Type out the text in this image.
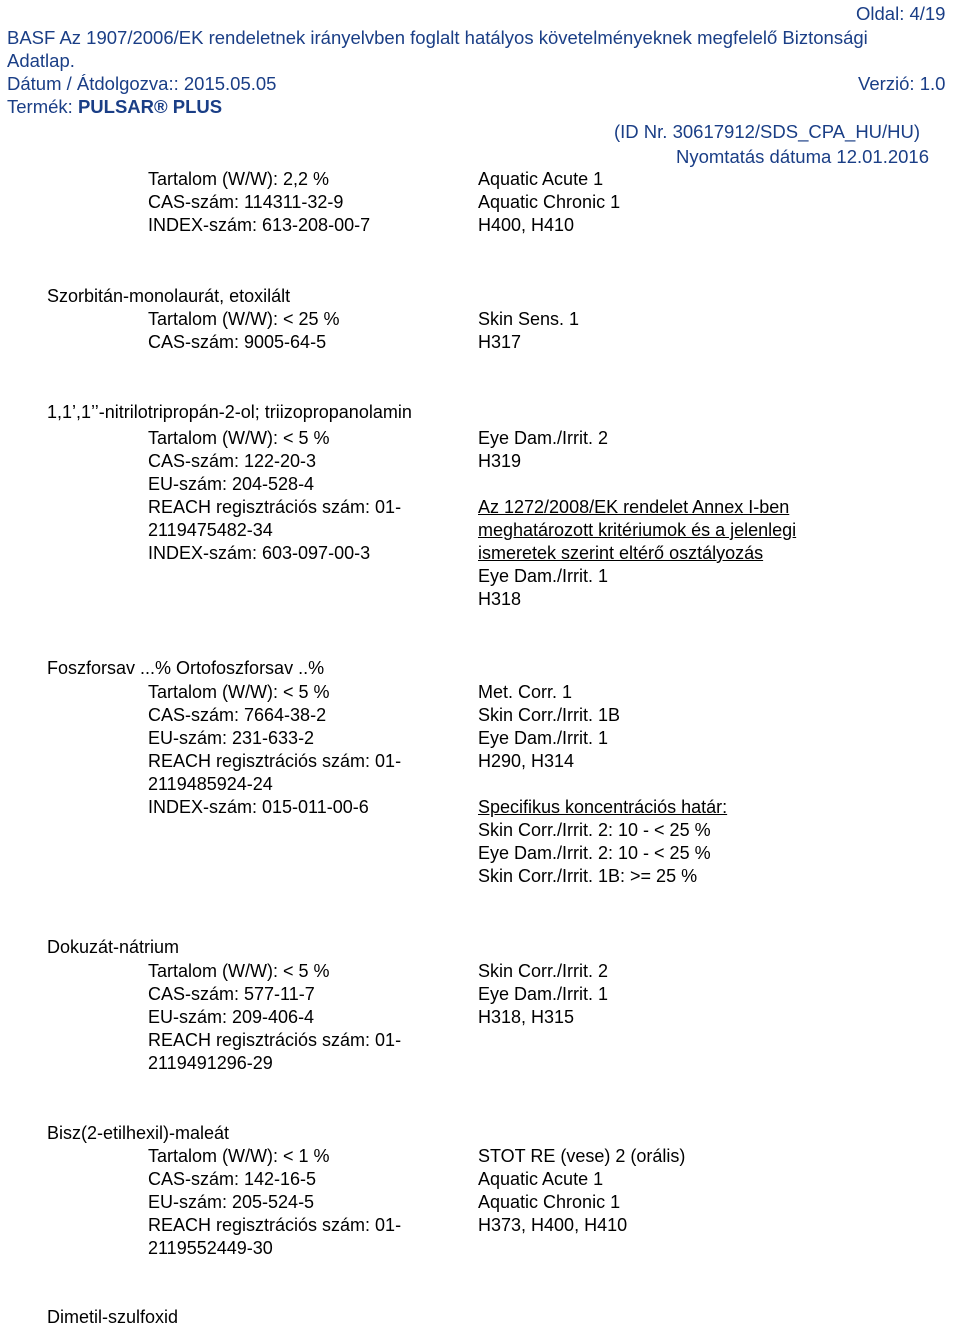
Oldal: 4/19
BASF Az 1907/2006/EK rendeletnek irányelvben foglalt hatályos követelményeknek megfelelő Biztonsági
Adatlap.
Dátum / Átdolgozva:: 2015.05.05	Verzió: 1.0
Termék: PULSAR® PLUS
(ID Nr. 30617912/SDS_CPA_HU/HU)
Nyomtatás dátuma 12.01.2016
Tartalom (W/W): 2,2 %
CAS-szám: 114311-32-9
INDEX-szám: 613-208-00-7
Aquatic Acute 1
Aquatic Chronic 1
H400, H410
Szorbitán-monolaurát, etoxilált
Tartalom (W/W): < 25 %
CAS-szám: 9005-64-5
Skin Sens. 1
H317
1,1’,1’’-nitrilotripropán-2-ol; triizopropanolamin
Tartalom (W/W): < 5 %
CAS-szám: 122-20-3
EU-szám: 204-528-4
REACH regisztrációs szám: 01-
2119475482-34
INDEX-szám: 603-097-00-3
Eye Dam./Irrit. 2
H319
Az 1272/2008/EK rendelet Annex I-ben
meghatározott kritériumok és a jelenlegi
ismeretek szerint eltérő osztályozás
Eye Dam./Irrit. 1
H318
Foszforsav ...% Ortofoszforsav ..%
Tartalom (W/W): < 5 %
CAS-szám: 7664-38-2
EU-szám: 231-633-2
REACH regisztrációs szám: 01-
2119485924-24
INDEX-szám: 015-011-00-6
Met. Corr. 1
Skin Corr./Irrit. 1B
Eye Dam./Irrit. 1
H290, H314
Specifikus koncentrációs határ:
Skin Corr./Irrit. 2: 10 - < 25 %
Eye Dam./Irrit. 2: 10 - < 25 %
Skin Corr./Irrit. 1B: >= 25 %
Dokuzát-nátrium
Tartalom (W/W): < 5 %
CAS-szám: 577-11-7
EU-szám: 209-406-4
REACH regisztrációs szám: 01-
2119491296-29
Skin Corr./Irrit. 2
Eye Dam./Irrit. 1
H318, H315
Bisz(2-etilhexil)-maleát
Tartalom (W/W): < 1 %
CAS-szám: 142-16-5
EU-szám: 205-524-5
REACH regisztrációs szám: 01-
2119552449-30
STOT RE (vese) 2 (orális)
Aquatic Acute 1
Aquatic Chronic 1
H373, H400, H410
Dimetil-szulfoxid
